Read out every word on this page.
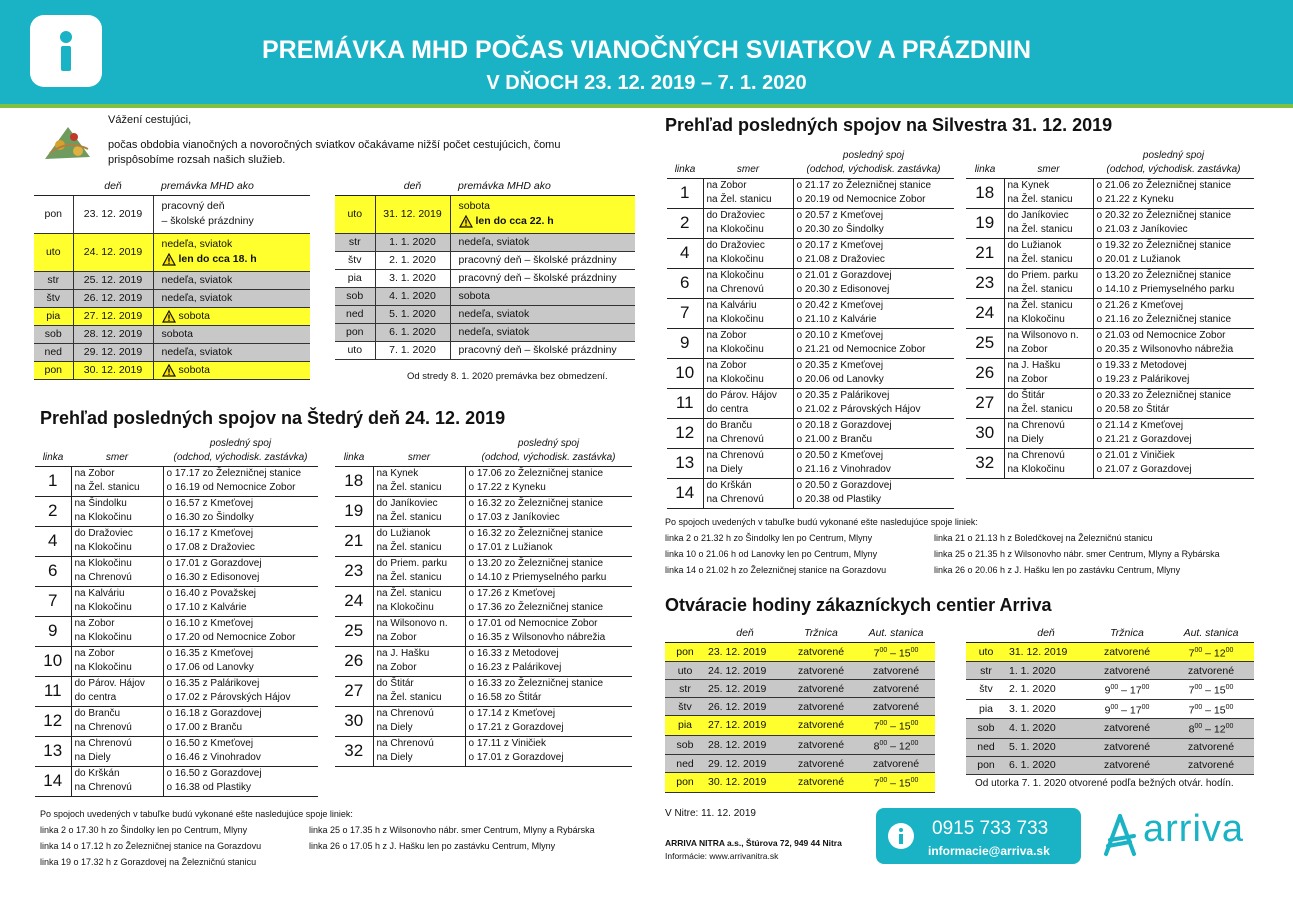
PREMÁVKA MHD POČAS VIANOČNÝCH SVIATKOV A PRÁZDNIN
V DŇOCH 23. 12. 2019 – 7. 1. 2020
Vážení cestujúci,
počas obdobia vianočných a novoročných sviatkov očakávame nižší počet cestujúcich, čomu
prispôsobíme rozsah našich služieb.
	deň	premávka MHD ako
pon	23. 12. 2019	pracovný deň
– školské prázdniny

uto	24. 12. 2019	nedeľa, sviatok
len do cca 18. h

str	25. 12. 2019	nedeľa, sviatok
štv	26. 12. 2019	nedeľa, sviatok
pia	27. 12. 2019	sobota
sob	28. 12. 2019	sobota
ned	29. 12. 2019	nedeľa, sviatok
pon	30. 12. 2019	sobota
	deň	premávka MHD ako
uto	31. 12. 2019	sobota
len do cca 22. h

str	1. 1. 2020	nedeľa, sviatok
štv	2. 1. 2020	pracovný deň – školské prázdniny
pia	3. 1. 2020	pracovný deň – školské prázdniny
sob	4. 1. 2020	sobota
ned	5. 1. 2020	nedeľa, sviatok
pon	6. 1. 2020	nedeľa, sviatok
uto	7. 1. 2020	pracovný deň – školské prázdniny
Od stredy 8. 1. 2020 premávka bez obmedzení.
Prehľad posledných spojov na Štedrý deň 24. 12. 2019
		posledný spoj
linka	smer	(odchod, východisk. zastávka)
1	na Zobor	o 17.17 zo Železničnej stanice
	na Žel. stanicu	o 16.19 od Nemocnice Zobor
2	na Šindolku	o 16.57 z Kmeťovej
	na Klokočinu	o 16.30 zo Šindolky
4	do Dražoviec	o 16.17 z Kmeťovej
	na Klokočinu	o 17.08 z Dražoviec
6	na Klokočinu	o 17.01 z Gorazdovej
	na Chrenovú	o 16.30 z Edisonovej
7	na Kalváriu	o 16.40 z Považskej
	na Klokočinu	o 17.10 z Kalvárie
9	na Zobor	o 16.10 z Kmeťovej
	na Klokočinu	o 17.20 od Nemocnice Zobor
10	na Zobor	o 16.35 z Kmeťovej
	na Klokočinu	o 17.06 od Lanovky
11	do Párov. Hájov	o 16.35 z Palárikovej
	do centra	o 17.02 z Párovských Hájov
12	do Branču	o 16.18 z Gorazdovej
	na Chrenovú	o 17.00 z Branču
13	na Chrenovú	o 16.50 z Kmeťovej
	na Diely	o 16.46 z Vinohradov
14	do Krškán	o 16.50 z Gorazdovej
	na Chrenovú	o 16.38 od Plastiky
		posledný spoj
linka	smer	(odchod, východisk. zastávka)
18	na Kynek	o 17.06 zo Železničnej stanice
	na Žel. stanicu	o 17.22 z Kyneku
19	do Janíkoviec	o 16.32 zo Železničnej stanice
	na Žel. stanicu	o 17.03 z Janíkoviec
21	do Lužianok	o 16.32 zo Železničnej stanice
	na Žel. stanicu	o 17.01 z Lužianok
23	do Priem. parku	o 13.20 zo Železničnej stanice
	na Žel. stanicu	o 14.10 z Priemyselného parku
24	na Žel. stanicu	o 17.26 z Kmeťovej
	na Klokočinu	o 17.36 zo Železničnej stanice
25	na Wilsonovo n.	o 17.01 od Nemocnice Zobor
	na Zobor	o 16.35 z Wilsonovho nábrežia
26	na J. Hašku	o 16.33 z Metodovej
	na Zobor	o 16.23 z Palárikovej
27	do Štitár	o 16.33 zo Železničnej stanice
	na Žel. stanicu	o 16.58 zo Štitár
30	na Chrenovú	o 17.14 z Kmeťovej
	na Diely	o 17.21 z Gorazdovej
32	na Chrenovú	o 17.11 z Viničiek
	na Diely	o 17.01 z Gorazdovej
Po spojoch uvedených v tabuľke budú vykonané ešte nasledujúce spoje liniek:
linka 2 o 17.30 h zo Šindolky len po Centrum, Mlyny
linka 14 o 17.12 h zo Železničnej stanice na Gorazdovu
linka 19 o 17.32 h z Gorazdovej na Železničnú stanicu
linka 25 o 17.35 h z Wilsonovho nábr. smer Centrum, Mlyny a Rybárska
linka 26 o 17.05 h z J. Hašku len po zastávku Centrum, Mlyny
Prehľad posledných spojov na Silvestra 31. 12. 2019
		posledný spoj
linka	smer	(odchod, východisk. zastávka)
1	na Zobor	o 21.17 zo Železničnej stanice
	na Žel. stanicu	o 20.19 od Nemocnice Zobor
2	do Dražoviec	o 20.57 z Kmeťovej
	na Klokočinu	o 20.30 zo Šindolky
4	do Dražoviec	o 20.17 z Kmeťovej
	na Klokočinu	o 21.08 z Dražoviec
6	na Klokočinu	o 21.01 z Gorazdovej
	na Chrenovú	o 20.30 z Edisonovej
7	na Kalváriu	o 20.42 z Kmeťovej
	na Klokočinu	o 21.10 z Kalvárie
9	na Zobor	o 20.10 z Kmeťovej
	na Klokočinu	o 21.21 od Nemocnice Zobor
10	na Zobor	o 20.35 z Kmeťovej
	na Klokočinu	o 20.06 od Lanovky
11	do Párov. Hájov	o 20.35 z Palárikovej
	do centra	o 21.02 z Párovských Hájov
12	do Branču	o 20.18 z Gorazdovej
	na Chrenovú	o 21.00 z Branču
13	na Chrenovú	o 20.50 z Kmeťovej
	na Diely	o 21.16 z Vinohradov
14	do Krškán	o 20.50 z Gorazdovej
	na Chrenovú	o 20.38 od Plastiky
		posledný spoj
linka	smer	(odchod, východisk. zastávka)
18	na Kynek	o 21.06 zo Železničnej stanice
	na Žel. stanicu	o 21.22 z Kyneku
19	do Janíkoviec	o 20.32 zo Železničnej stanice
	na Žel. stanicu	o 21.03 z Janíkoviec
21	do Lužianok	o 19.32 zo Železničnej stanice
	na Žel. stanicu	o 20.01 z Lužianok
23	do Priem. parku	o 13.20 zo Železničnej stanice
	na Žel. stanicu	o 14.10 z Priemyselného parku
24	na Žel. stanicu	o 21.26 z Kmeťovej
	na Klokočinu	o 21.16 zo Železničnej stanice
25	na Wilsonovo n.	o 21.03 od Nemocnice Zobor
	na Zobor	o 20.35 z Wilsonovho nábrežia
26	na J. Hašku	o 19.33 z Metodovej
	na Zobor	o 19.23 z Palárikovej
27	do Štitár	o 20.33 zo Železničnej stanice
	na Žel. stanicu	o 20.58 zo Štitár
30	na Chrenovú	o 21.14 z Kmeťovej
	na Diely	o 21.21 z Gorazdovej
32	na Chrenovú	o 21.01 z Viničiek
	na Klokočinu	o 21.07 z Gorazdovej
Po spojoch uvedených v tabuľke budú vykonané ešte nasledujúce spoje liniek:
linka 2 o 21.32 h zo Šindolky len po Centrum, Mlyny
linka 10 o 21.06 h od Lanovky len po Centrum, Mlyny
linka 14 o 21.02 h zo Železničnej stanice na Gorazdovu
linka 21 o 21.13 h z Boledčkovej na Železničnú stanicu
linka 25 o 21.35 h z Wilsonovho nábr. smer Centrum, Mlyny a Rybárska
linka 26 o 20.06 h z J. Hašku len po zastávku Centrum, Mlyny
Otváracie hodiny zákazníckych centier Arriva
	deň	Tržnica	Aut. stanica
pon	23. 12. 2019	zatvorené	$7^{00} - 15^{00}$
uto	24. 12. 2019	zatvorené	zatvorené
str	25. 12. 2019	zatvorené	zatvorené
štv	26. 12. 2019	zatvorené	zatvorené
pia	27. 12. 2019	zatvorené	$7^{00} - 15^{00}$
sob	28. 12. 2019	zatvorené	$8^{00} - 12^{00}$
ned	29. 12. 2019	zatvorené	zatvorené
pon	30. 12. 2019	zatvorené	$7^{00} - 15^{00}$
	deň	Tržnica	Aut. stanica
uto	31. 12. 2019	zatvorené	$7^{00} - 12^{00}$
str	1. 1. 2020	zatvorené	zatvorené
štv	2. 1. 2020	$9^{00} - 17^{00}$	$7^{00} - 15^{00}$
pia	3. 1. 2020	$9^{00} - 17^{00}$	$7^{00} - 15^{00}$
sob	4. 1. 2020	zatvorené	$8^{00} - 12^{00}$
ned	5. 1. 2020	zatvorené	zatvorené
pon	6. 1. 2020	zatvorené	zatvorené
Od utorka 7. 1. 2020 otvorené podľa bežných otvár. hodín.
V Nitre: 11. 12. 2019
ARRIVA NITRA a.s., Štúrova 72, 949 44 Nitra
Informácie: www.arrivanitra.sk
0915 733 733
informacie@arriva.sk
arriva
